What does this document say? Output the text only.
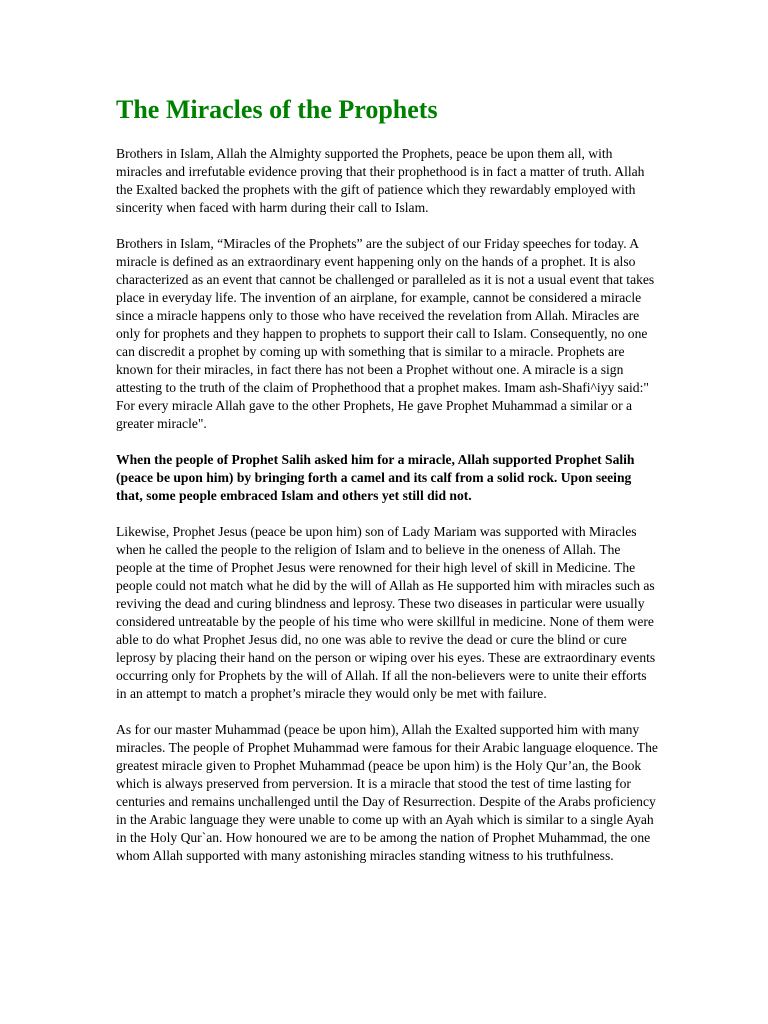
The Miracles of the Prophets

Brothers in Islam, Allah the Almighty supported the Prophets, peace be upon them all, with miracles and irrefutable evidence proving that their prophethood is in fact a matter of truth. Allah the Exalted backed the prophets with the gift of patience which they rewardably employed with sincerity when faced with harm during their call to Islam.

Brothers in Islam, “Miracles of the Prophets” are the subject of our Friday speeches for today. A miracle is defined as an extraordinary event happening only on the hands of a prophet. It is also characterized as an event that cannot be challenged or paralleled as it is not a usual event that takes place in everyday life. The invention of an airplane, for example, cannot be considered a miracle since a miracle happens only to those who have received the revelation from Allah. Miracles are only for prophets and they happen to prophets to support their call to Islam. Consequently, no one can discredit a prophet by coming up with something that is similar to a miracle. Prophets are known for their miracles, in fact there has not been a Prophet without one. A miracle is a sign attesting to the truth of the claim of Prophethood that a prophet makes. Imam ash-Shafi^iyy said:" For every miracle Allah gave to the other Prophets, He gave Prophet Muhammad a similar or a greater miracle".

When the people of Prophet Salih asked him for a miracle, Allah supported Prophet Salih (peace be upon him) by bringing forth a camel and its calf from a solid rock. Upon seeing that, some people embraced Islam and others yet still did not.

Likewise, Prophet Jesus (peace be upon him) son of Lady Mariam was supported with Miracles when he called the people to the religion of Islam and to believe in the oneness of Allah. The people at the time of Prophet Jesus were renowned for their high level of skill in Medicine. The people could not match what he did by the will of Allah as He supported him with miracles such as reviving the dead and curing blindness and leprosy. These two diseases in particular were usually considered untreatable by the people of his time who were skillful in medicine. None of them were able to do what Prophet Jesus did, no one was able to revive the dead or cure the blind or cure leprosy by placing their hand on the person or wiping over his eyes. These are extraordinary events occurring only for Prophets by the will of Allah. If all the non-believers were to unite their efforts in an attempt to match a prophet’s miracle they would only be met with failure.

As for our master Muhammad (peace be upon him), Allah the Exalted supported him with many miracles. The people of Prophet Muhammad were famous for their Arabic language eloquence. The greatest miracle given to Prophet Muhammad (peace be upon him) is the Holy Qur’an, the Book which is always preserved from perversion. It is a miracle that stood the test of time lasting for centuries and remains unchallenged until the Day of Resurrection. Despite of the Arabs proficiency in the Arabic language they were unable to come up with an Ayah which is similar to a single Ayah in the Holy Qur`an. How honoured we are to be among the nation of Prophet Muhammad, the one whom Allah supported with many astonishing miracles standing witness to his truthfulness.
